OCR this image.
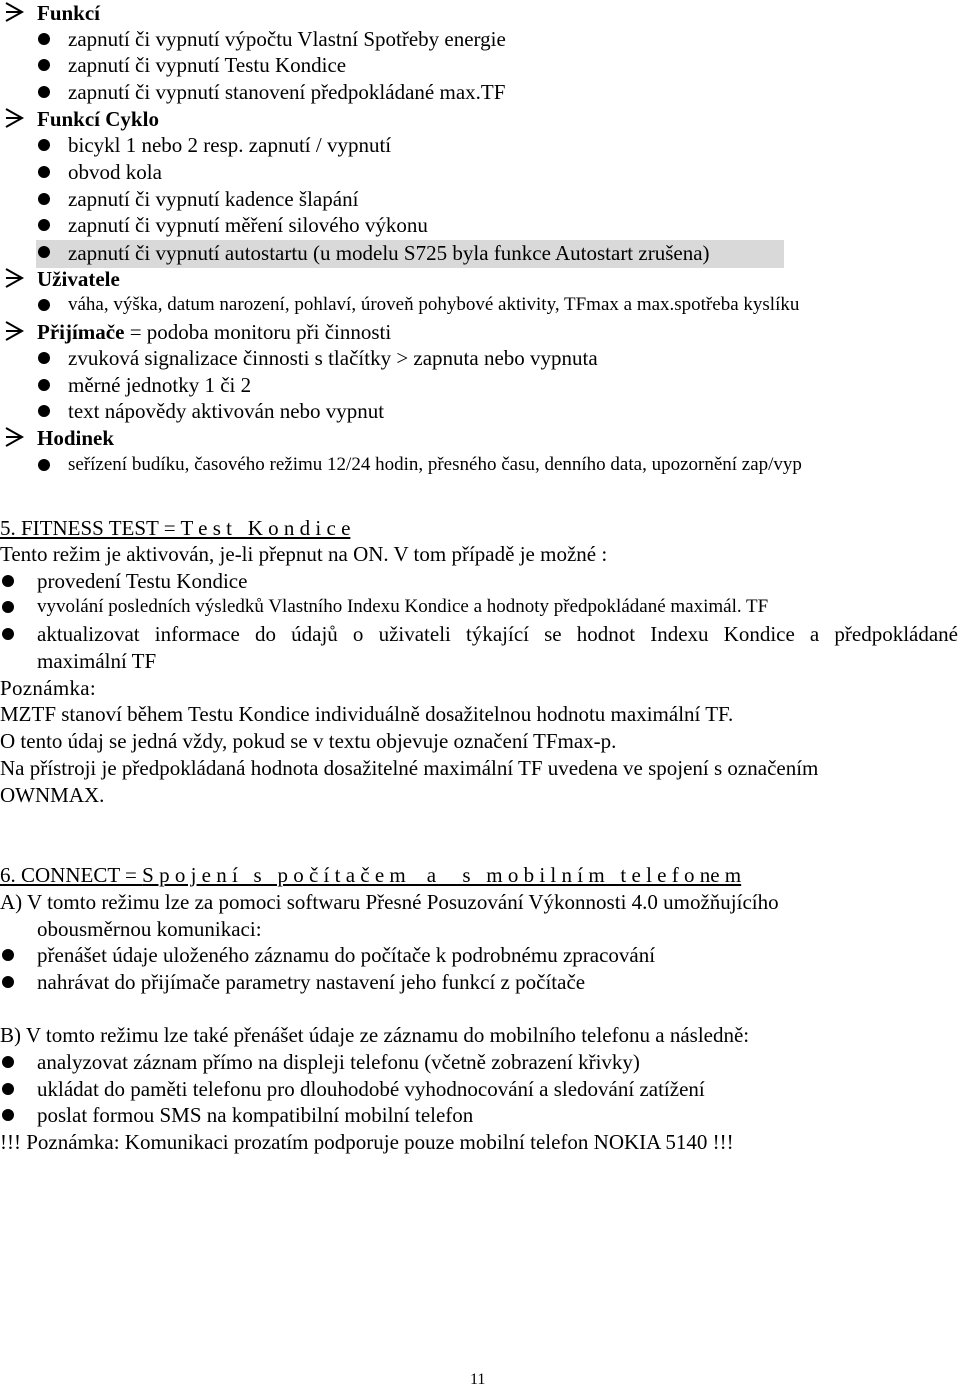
Funkcí
zapnutí či vypnutí výpočtu Vlastní Spotřeby energie
zapnutí či vypnutí Testu Kondice
zapnutí či vypnutí stanovení předpokládané max.TF
Funkcí Cyklo
bicykl 1 nebo 2 resp. zapnutí / vypnutí
obvod kola
zapnutí či vypnutí kadence šlapání
zapnutí či vypnutí měření silového výkonu
zapnutí či vypnutí autostartu (u modelu S725 byla funkce Autostart zrušena)
Uživatele
váha, výška, datum narození, pohlaví, úroveň pohybové aktivity, TFmax a max.spotřeba kyslíku
Přijímače = podoba monitoru při činnosti
zvuková signalizace činnosti s tlačítky > zapnuta nebo vypnuta
měrné jednotky 1 či 2
text nápovědy aktivován nebo vypnut
Hodinek
seřízení budíku, časového režimu 12/24 hodin, přesného času, denního data, upozornění zap/vyp
5. FITNESS TEST = T e s t   K o n d i c e
Tento režim je aktivován, je-li přepnut na ON. V tom případě je možné :
provedení Testu Kondice
vyvolání posledních výsledků Vlastního Indexu Kondice a hodnoty předpokládané maximál. TF
aktualizovat informace do údajů o uživateli týkající se hodnot Indexu Kondice a předpokládané
maximální TF
Poznámka:
MZTF stanoví během Testu Kondice individuálně dosažitelnou hodnotu maximální TF.
O tento údaj se jedná vždy, pokud se v textu objevuje označení TFmax-p.
Na přístroji je předpokládaná hodnota dosažitelné maximální TF uvedena ve spojení s označením
OWNMAX.
6. CONNECT = S p o j e n í   s   p o č í t a č e m    a     s   m o b i l n í m   t e l e f o ne m
A) V tomto režimu lze za pomoci softwaru Přesné Posuzování Výkonnosti 4.0 umožňujícího
obousměrnou komunikaci:
přenášet údaje uloženého záznamu do počítače k podrobnému zpracování
nahrávat do přijímače parametry nastavení jeho funkcí z počítače
B) V tomto režimu lze také přenášet údaje ze záznamu do mobilního telefonu a následně:
analyzovat záznam přímo na displeji telefonu (včetně zobrazení křivky)
ukládat do paměti telefonu pro dlouhodobé vyhodnocování a sledování zatížení
poslat formou SMS na kompatibilní mobilní telefon
!!! Poznámka: Komunikaci prozatím podporuje pouze mobilní telefon NOKIA 5140 !!!
11
